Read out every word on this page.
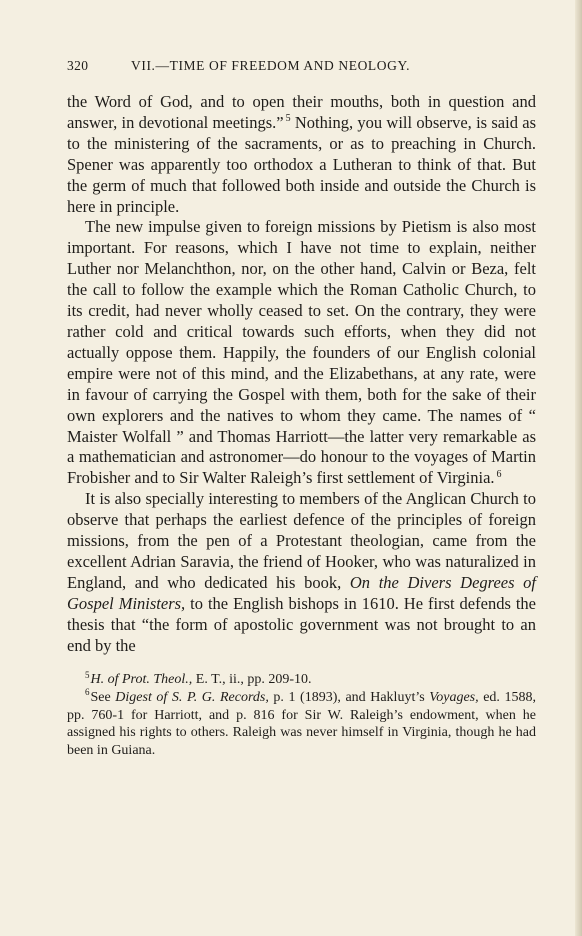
320	VII.—TIME OF FREEDOM AND NEOLOGY.

the Word of God, and to open their mouths, both in question and answer, in devotional meetings.” $^5$ Nothing, you will observe, is said as to the ministering of the sacraments, or as to preaching in Church. Spener was apparently too orthodox a Lutheran to think of that. But the germ of much that followed both inside and outside the Church is here in principle.

The new impulse given to foreign missions by Pietism is also most important. For reasons, which I have not time to explain, neither Luther nor Melanchthon, nor, on the other hand, Calvin or Beza, felt the call to follow the example which the Roman Catholic Church, to its credit, had never wholly ceased to set. On the contrary, they were rather cold and critical towards such efforts, when they did not actually oppose them. Happily, the founders of our English colonial empire were not of this mind, and the Elizabethans, at any rate, were in favour of carrying the Gospel with them, both for the sake of their own explorers and the natives to whom they came. The names of “ Maister Wolfall ” and Thomas Harriott—the latter very remarkable as a mathematician and astronomer—do honour to the voyages of Martin Frobisher and to Sir Walter Raleigh’s first settlement of Virginia. $^6$

It is also specially interesting to members of the Anglican Church to observe that perhaps the earliest defence of the principles of foreign missions, from the pen of a Protestant theologian, came from the excellent Adrian Saravia, the friend of Hooker, who was naturalized in England, and who dedicated his book, On the Divers Degrees of Gospel Ministers, to the English bishops in 1610. He first defends the thesis that “the form of apostolic government was not brought to an end by the

$^5$H. of Prot. Theol., E. T., ii., pp. 209-10.

$^6$See Digest of S. P. G. Records, p. 1 (1893), and Hakluyt’s Voyages, ed. 1588, pp. 760-1 for Harriott, and p. 816 for Sir W. Raleigh’s endowment, when he assigned his rights to others. Raleigh was never himself in Virginia, though he had been in Guiana.
